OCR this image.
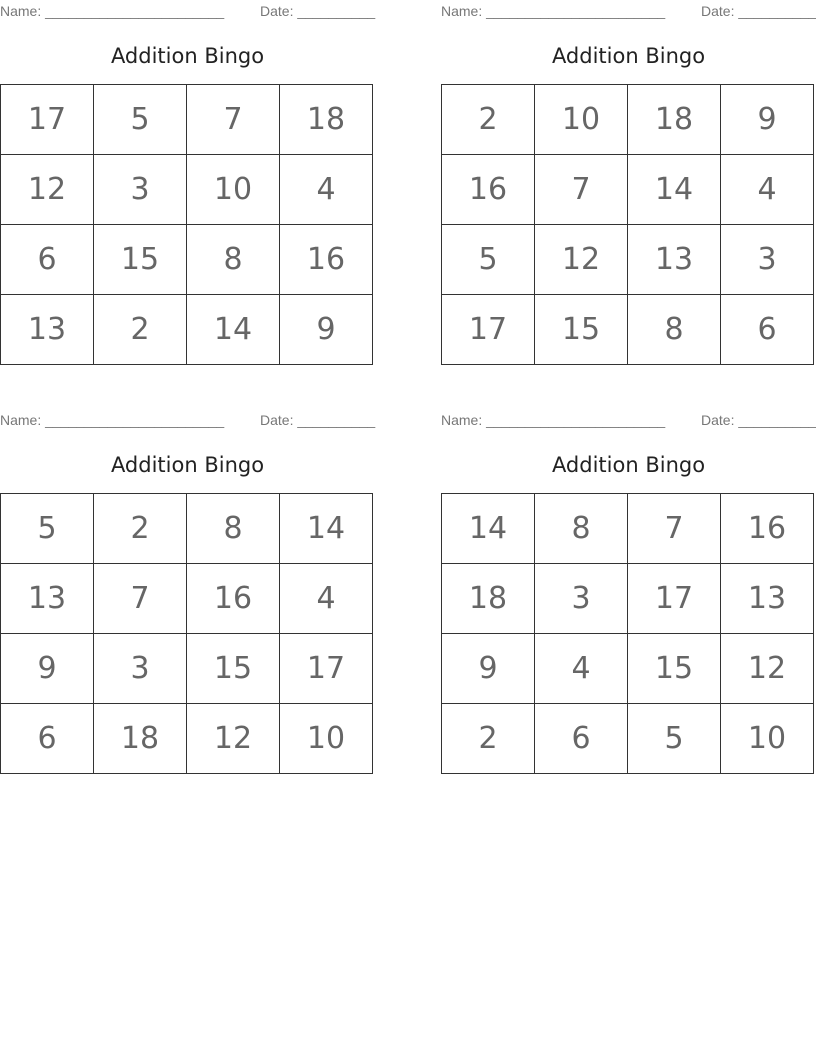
Name: _______________________	Date: __________
Addition Bingo
17	5	7	18
12	3	10	4
6	15	8	16
13	2	14	9
Name: _______________________	Date: __________
Addition Bingo
2	10	18	9
16	7	14	4
5	12	13	3
17	15	8	6
Name: _______________________	Date: __________
Addition Bingo
5	2	8	14
13	7	16	4
9	3	15	17
6	18	12	10
Name: _______________________	Date: __________
Addition Bingo
14	8	7	16
18	3	17	13
9	4	15	12
2	6	5	10
